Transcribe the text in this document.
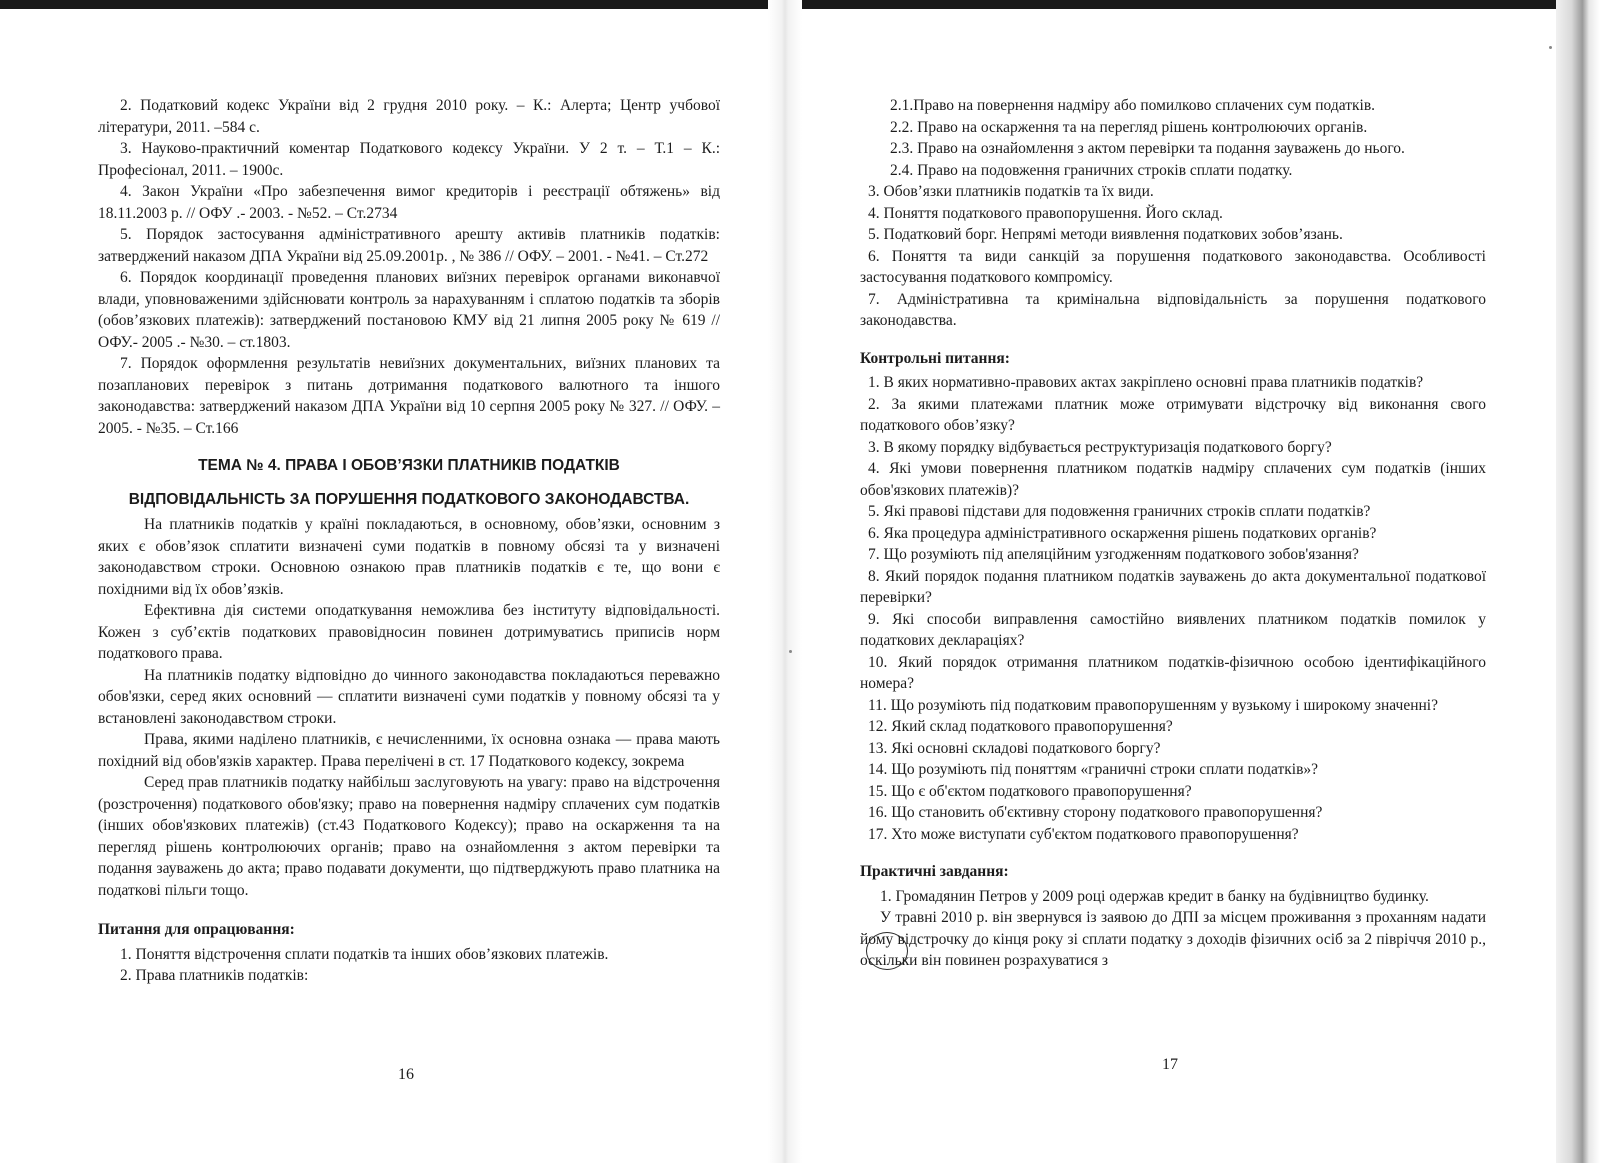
2. Податковий кодекс України від 2 грудня 2010 року. – К.: Алерта; Центр учбової літератури, 2011. –584 с.

3. Науково-практичний коментар Податкового кодексу України. У 2 т. – Т.1 – К.: Професіонал, 2011. – 1900с.

4. Закон України «Про забезпечення вимог кредиторів і реєстрації обтяжень» від 18.11.2003 р. // ОФУ .- 2003. - №52. – Ст.2734

5. Порядок застосування адміністративного арешту активів платників податків: затверджений наказом ДПА України від 25.09.2001р. , № 386 // ОФУ. – 2001. - №41. – Ст.272

6. Порядок координації проведення планових виїзних перевірок органами виконавчої влади, уповноваженими здійснювати контроль за нарахуванням і сплатою податків та зборів (обов’язкових платежів): затверджений постановою КМУ від 21 липня 2005 року № 619 // ОФУ.- 2005 .- №30. – ст.1803.

7. Порядок оформлення результатів невиїзних документальних, виїзних планових та позапланових перевірок з питань дотримання податкового валютного та іншого законодавства: затверджений наказом ДПА України від 10 серпня 2005 року № 327. // ОФУ. – 2005. - №35. – Ст.166

ТЕМА № 4. ПРАВА І ОБОВ’ЯЗКИ ПЛАТНИКІВ ПОДАТКІВ
ВІДПОВІДАЛЬНІСТЬ ЗА ПОРУШЕННЯ ПОДАТКОВОГО ЗАКОНОДАВСТВА.

На платників податків у країні покладаються, в основному, обов’язки, основним з яких є обов’язок сплатити визначені суми податків в повному обсязі та у визначені законодавством строки. Основною ознакою прав платників податків є те, що вони є похідними від їх обов’язків.

Ефективна дія системи оподаткування неможлива без інституту відповідальності. Кожен з суб’єктів податкових правовідносин повинен дотримуватись приписів норм податкового права.

На платників податку відповідно до чинного законодавства покладаються переважно обов'язки, серед яких основний — сплатити визначені суми податків у повному обсязі та у встановлені законодавством строки.

Права, якими наділено платників, є нечисленними, їх основна ознака — права мають похідний від обов'язків характер. Права перелічені в ст. 17 Податкового кодексу, зокрема

Серед прав платників податку найбільш заслуговують на увагу: право на відстрочення (розстрочення) податкового обов'язку; право на повернення надміру сплачених сум податків (інших обов'язкових платежів) (ст.43 Податкового Кодексу); право на оскарження та на перегляд рішень контролюючих органів; право на ознайомлення з актом перевірки та подання зауважень до акта; право подавати документи, що підтверджують право платника на податкові пільги тощо.

Питання для опрацювання:

1. Поняття відстрочення сплати податків та інших обов’язкових платежів.

2. Права платників податків:

16

2.1.Право на повернення надміру або помилково сплачених сум податків.

2.2. Право на оскарження та на перегляд рішень контролюючих органів.

2.3. Право на ознайомлення з актом перевірки та подання зауважень до нього.

2.4. Право на подовження граничних строків сплати податку.

3. Обов’язки платників податків та їх види.

4. Поняття податкового правопорушення. Його склад.

5. Податковий борг. Непрямі методи виявлення податкових зобов’язань.

6. Поняття та види санкцій за порушення податкового законодавства. Особливості застосування податкового компромісу.

7. Адміністративна та кримінальна відповідальність за порушення податкового законодавства.

Контрольні питання:

1. В яких нормативно-правових актах закріплено основні права платників податків?

2. За якими платежами платник може отримувати відстрочку від виконання свого податкового обов’язку?

3. В якому порядку відбувається реструктуризація податкового боргу?

4. Які умови повернення платником податків надміру сплачених сум податків (інших обов'язкових платежів)?

5. Які правові підстави для подовження граничних строків сплати податків?

6. Яка процедура адміністративного оскарження рішень податкових органів?

7. Що розуміють під апеляційним узгодженням податкового зобов'язання?

8. Який порядок подання платником податків зауважень до акта документальної податкової перевірки?

9. Які способи виправлення самостійно виявлених платником податків помилок у податкових деклараціях?

10. Який порядок отримання платником податків-фізичною особою ідентифікаційного номера?

11. Що розуміють під податковим правопорушенням у вузькому і широкому значенні?

12. Який склад податкового правопорушення?

13. Які основні складові податкового боргу?

14. Що розуміють під поняттям «граничні строки сплати податків»?

15. Що є об'єктом податкового правопорушення?

16. Що становить об'єктивну сторону податкового правопорушення?

17. Хто може виступати суб'єктом податкового правопорушення?

Практичні завдання:

1. Громадянин Петров у 2009 році одержав кредит в банку на будівництво будинку.

У травні 2010 р. він звернувся із заявою до ДПІ за місцем проживання з проханням надати йому відстрочку до кінця року зі сплати податку з доходів фізичних осіб за 2 півріччя 2010 р., оскільки він повинен розрахуватися з

17
